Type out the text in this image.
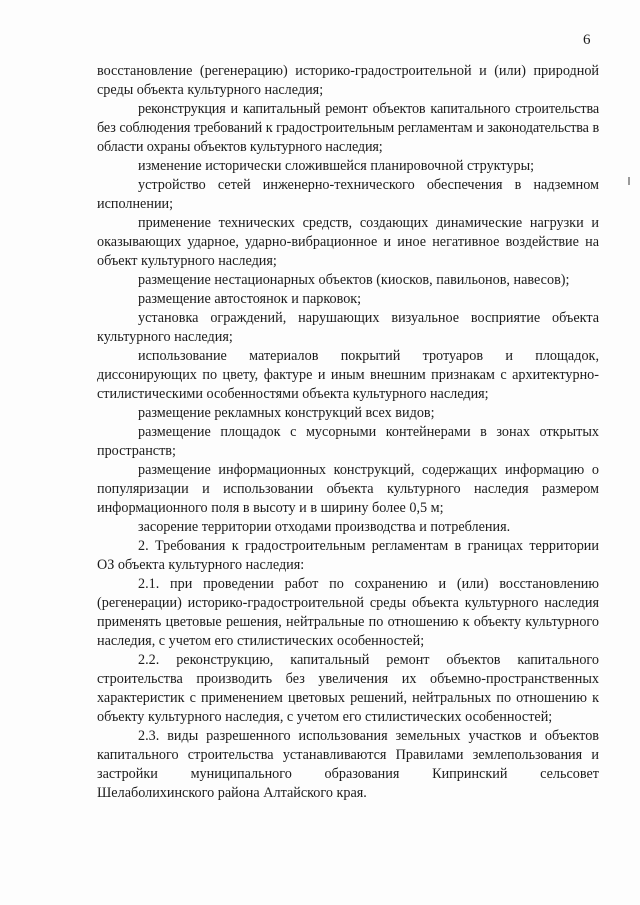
6

восстановление (регенерацию) историко-градостроительной и (или) природной среды объекта культурного наследия;

реконструкция и капитальный ремонт объектов капитального строительства без соблюдения требований к градостроительным регламентам и законодательства в области охраны объектов культурного наследия;

изменение исторически сложившейся планировочной структуры;

устройство сетей инженерно-технического обеспечения в надземном исполнении;

применение технических средств, создающих динамические нагрузки и оказывающих ударное, ударно-вибрационное и иное негативное воздействие на объект культурного наследия;

размещение нестационарных объектов (киосков, павильонов, навесов);

размещение автостоянок и парковок;

установка ограждений, нарушающих визуальное восприятие объекта культурного наследия;

использование материалов покрытий тротуаров и площадок, диссонирующих по цвету, фактуре и иным внешним признакам с архитектурно-стилистическими особенностями объекта культурного наследия;

размещение рекламных конструкций всех видов;

размещение площадок с мусорными контейнерами в зонах открытых пространств;

размещение информационных конструкций, содержащих информацию о популяризации и использовании объекта культурного наследия размером информационного поля в высоту и в ширину более 0,5 м;

засорение территории отходами производства и потребления.

2. Требования к градостроительным регламентам в границах территории ОЗ объекта культурного наследия:

2.1. при проведении работ по сохранению и (или) восстановлению (регенерации) историко-градостроительной среды объекта культурного наследия применять цветовые решения, нейтральные по отношению к объекту культурного наследия, с учетом его стилистических особенностей;

2.2. реконструкцию, капитальный ремонт объектов капитального строительства производить без увеличения их объемно-пространственных характеристик с применением цветовых решений, нейтральных по отношению к объекту культурного наследия, с учетом его стилистических особенностей;

2.3. виды разрешенного использования земельных участков и объектов капитального строительства устанавливаются Правилами землепользования и застройки муниципального образования Кипринский сельсовет Шелаболихинского района Алтайского края.
